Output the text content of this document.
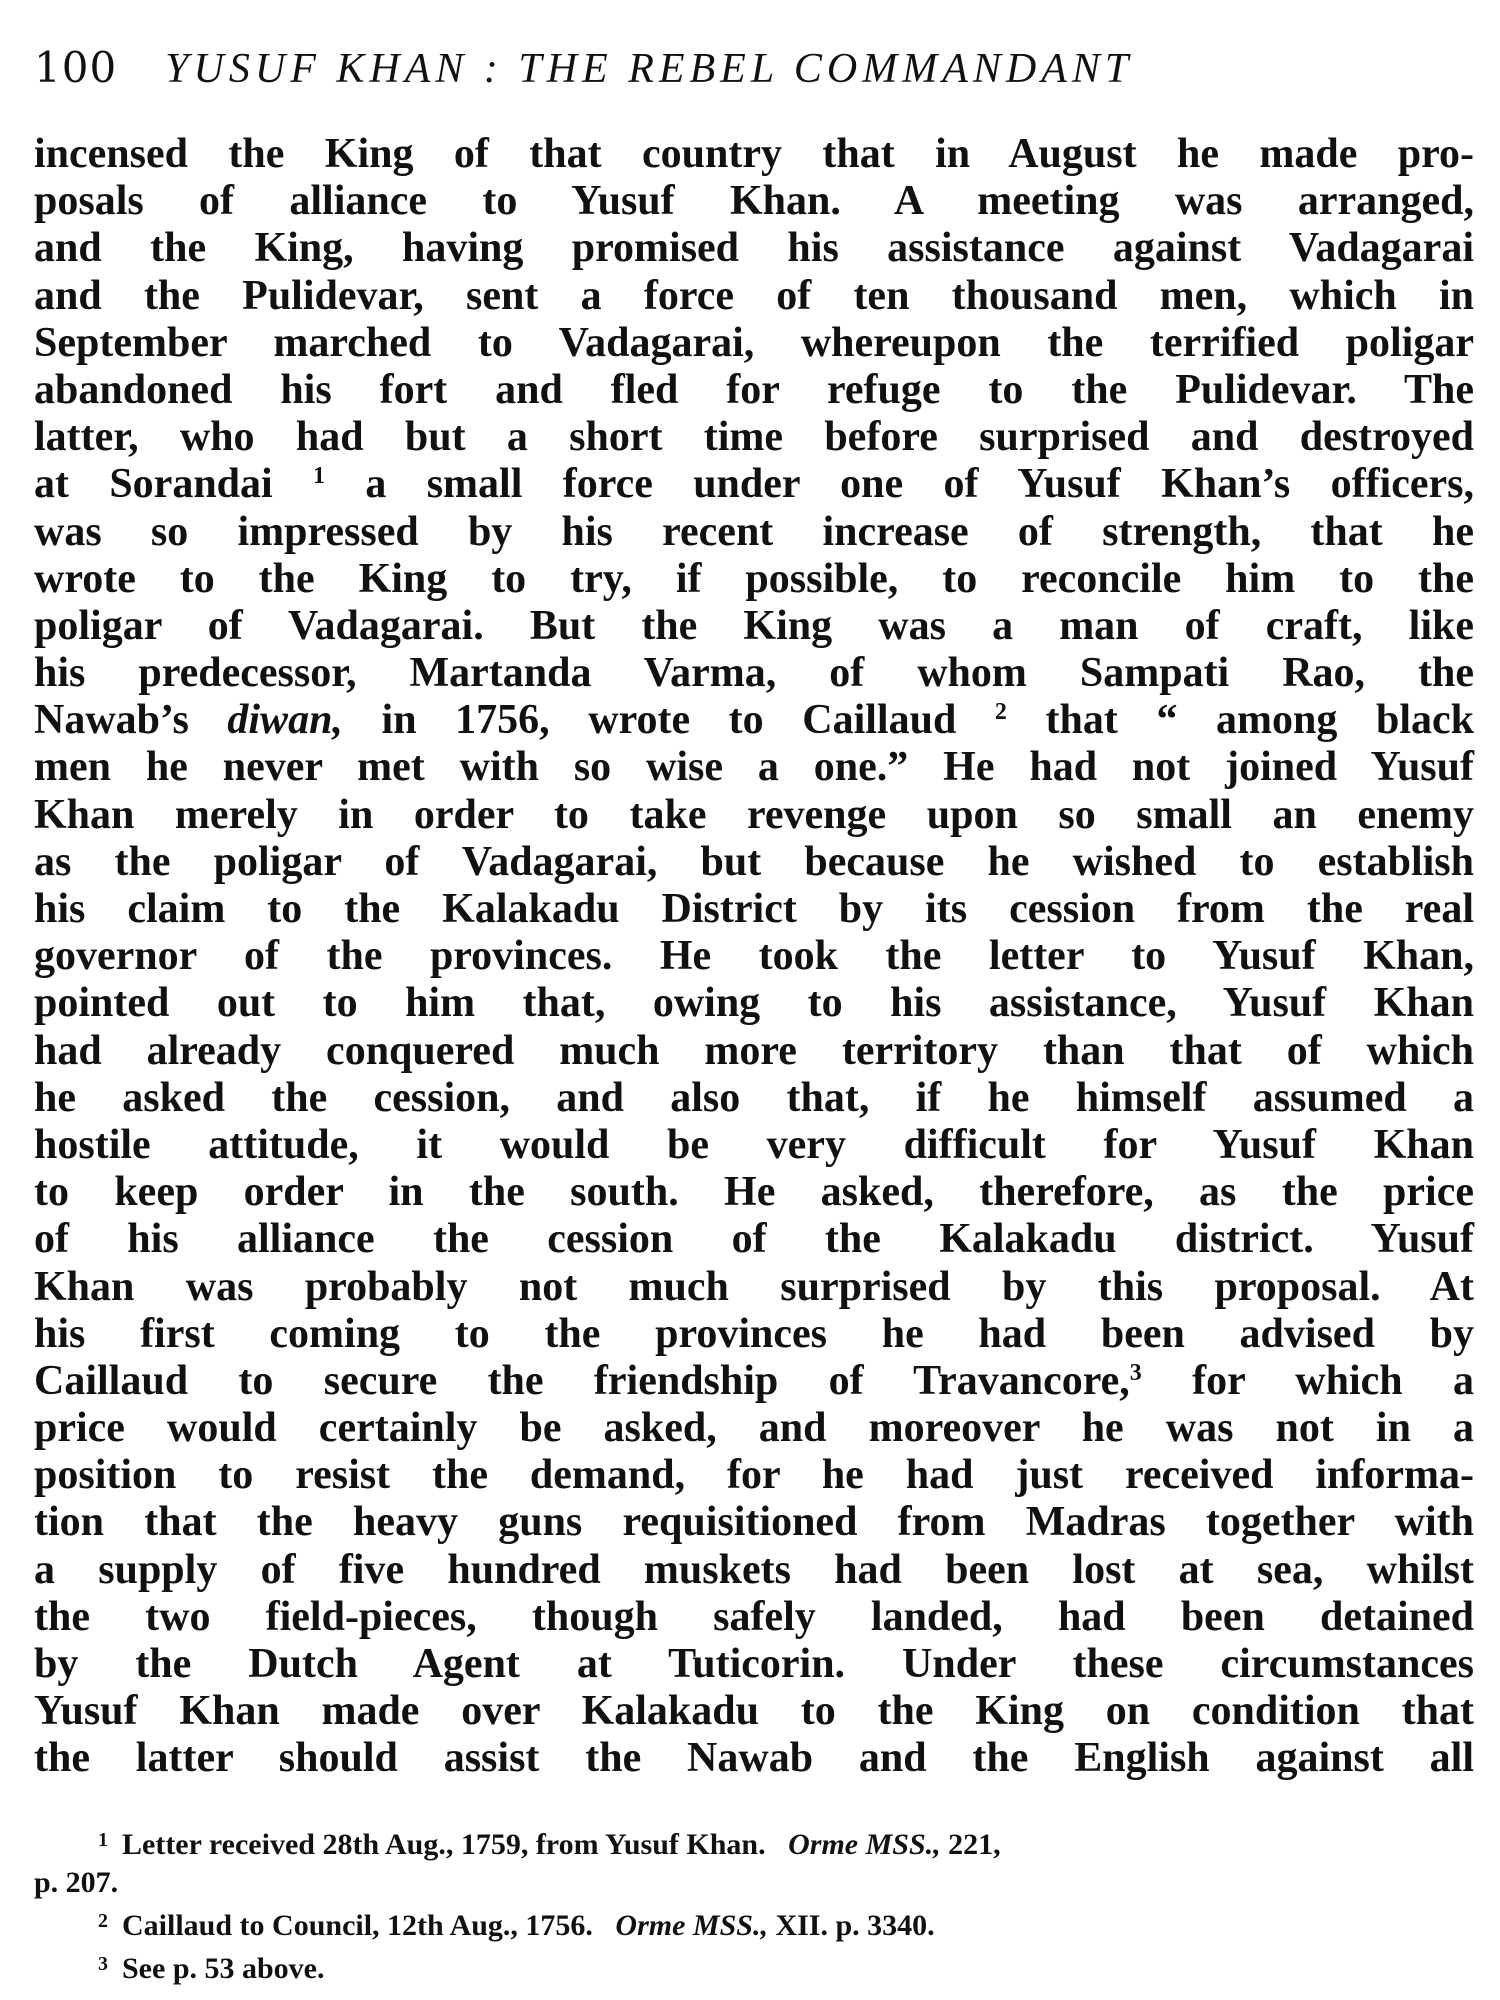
100 YUSUF KHAN : THE REBEL COMMANDANT
incensed the King of that country that in August he made pro-
posals of alliance to Yusuf Khan. A meeting was arranged,
and the King, having promised his assistance against Vadagarai
and the Pulidevar, sent a force of ten thousand men, which in
September marched to Vadagarai, whereupon the terrified poligar
abandoned his fort and fled for refuge to the Pulidevar. The
latter, who had but a short time before surprised and destroyed
at Sorandai $^1$ a small force under one of Yusuf Khan’s officers,
was so impressed by his recent increase of strength, that he
wrote to the King to try, if possible, to reconcile him to the
poligar of Vadagarai. But the King was a man of craft, like
his predecessor, Martanda Varma, of whom Sampati Rao, the
Nawab’s diwan, in 1756, wrote to Caillaud $^2$ that “ among black
men he never met with so wise a one.” He had not joined Yusuf
Khan merely in order to take revenge upon so small an enemy
as the poligar of Vadagarai, but because he wished to establish
his claim to the Kalakadu District by its cession from the real
governor of the provinces. He took the letter to Yusuf Khan,
pointed out to him that, owing to his assistance, Yusuf Khan
had already conquered much more territory than that of which
he asked the cession, and also that, if he himself assumed a
hostile attitude, it would be very difficult for Yusuf Khan
to keep order in the south. He asked, therefore, as the price
of his alliance the cession of the Kalakadu district. Yusuf
Khan was probably not much surprised by this proposal. At
his first coming to the provinces he had been advised by
Caillaud to secure the friendship of Travancore,$^3$ for which a
price would certainly be asked, and moreover he was not in a
position to resist the demand, for he had just received informa-
tion that the heavy guns requisitioned from Madras together with
a supply of five hundred muskets had been lost at sea, whilst
the two field-pieces, though safely landed, had been detained
by the Dutch Agent at Tuticorin. Under these circumstances
Yusuf Khan made over Kalakadu to the King on condition that
the latter should assist the Nawab and the English against all
$^1$ Letter received 28th Aug., 1759, from Yusuf Khan. Orme MSS., 221,
p. 207.
$^2$ Caillaud to Council, 12th Aug., 1756. Orme MSS., XII. p. 3340.
$^3$ See p. 53 above.
